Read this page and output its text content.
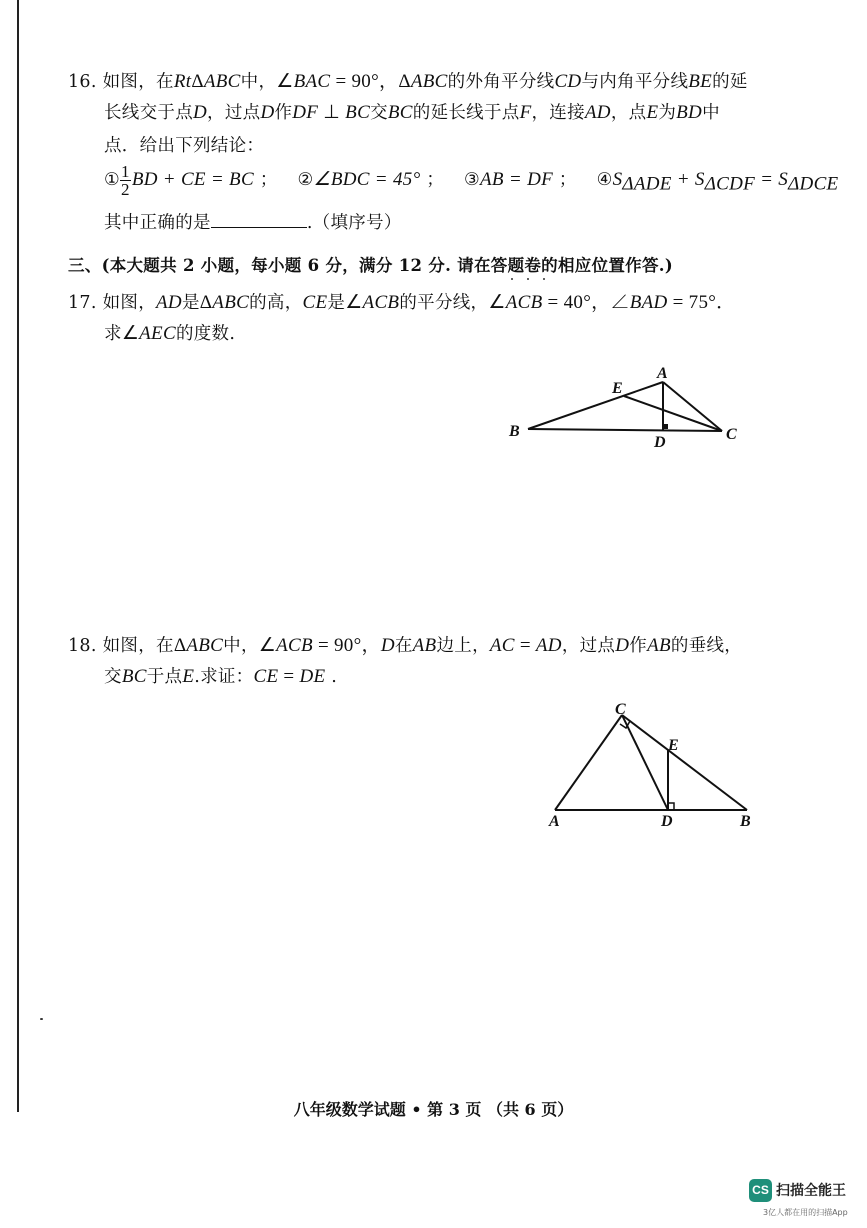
16. 如图，在RtΔABC中，∠BAC = 90°，ΔABC的外角平分线CD与内角平分线BE的延
长线交于点D，过点D作DF ⊥ BC交BC的延长线于点F，连接AD，点E为BD中
点．给出下列结论：
① $\frac{1}{2}$ BD + CE = BC ； ②∠BDC = 45° ； ③AB = DF ； $④S_{\Delta ADE} + S_{\Delta CDF} = S_{\Delta DCE}$
其中正确的是	.（填序号）
三、(本大题共 2 小题，每小题 6 分，满分 12 分. 请在答题卷的相应位置作答.)
17. 如图，AD是ΔABC的高，CE是∠ACB的平分线，∠ACB = 40°，∠BAD = 75°．
求∠AEC的度数.
A
E
B
D	C
18. 如图，在ΔABC中，∠ACB = 90°，D在AB边上，AC = AD，过点D作AB的垂线，
交BC于点E.求证：CE = DE .
C
E
A	D	B
八年级数学试题 • 第 3 页 （共 6 页）
CS 扫描全能王
3亿人都在用的扫描App
